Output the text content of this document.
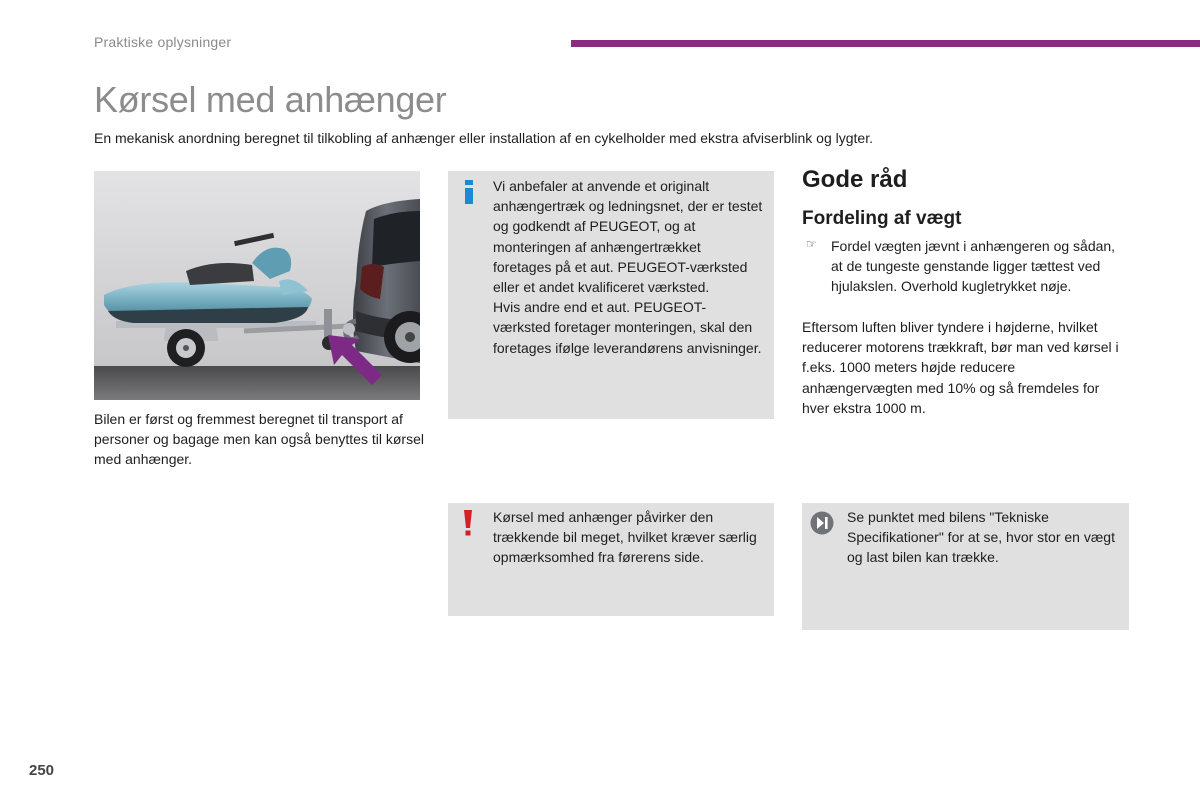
Praktiske oplysninger
Kørsel med anhænger

En mekanisk anordning beregnet til tilkobling af anhænger eller installation af en cykelholder med ekstra afviserblink og lygter.

Bilen er først og fremmest beregnet til transport af personer og bagage men kan også benyttes til kørsel med anhænger.

Vi anbefaler at anvende et originalt anhængertræk og ledningsnet, der er testet og godkendt af PEUGEOT, og at monteringen af anhængertrækket foretages på et aut. PEUGEOT-værksted eller et andet kvalificeret værksted.

Hvis andre end et aut. PEUGEOT-værksted foretager monteringen, skal den foretages ifølge leverandørens anvisninger.

Kørsel med anhænger påvirker den trækkende bil meget, hvilket kræver særlig opmærksomhed fra førerens side.

Gode råd
Fordeling af vægt
☞ Fordel vægten jævnt i anhængeren og sådan, at de tungeste genstande ligger tættest ved hjulakslen. Overhold kugletrykket nøje.

Eftersom luften bliver tyndere i højderne, hvilket reducerer motorens trækkraft, bør man ved kørsel i f.eks. 1000 meters højde reducere anhængervægten med 10% og så fremdeles for hver ekstra 1000 m.

Se punktet med bilens "Tekniske Specifikationer" for at se, hvor stor en vægt og last bilen kan trække.

250
